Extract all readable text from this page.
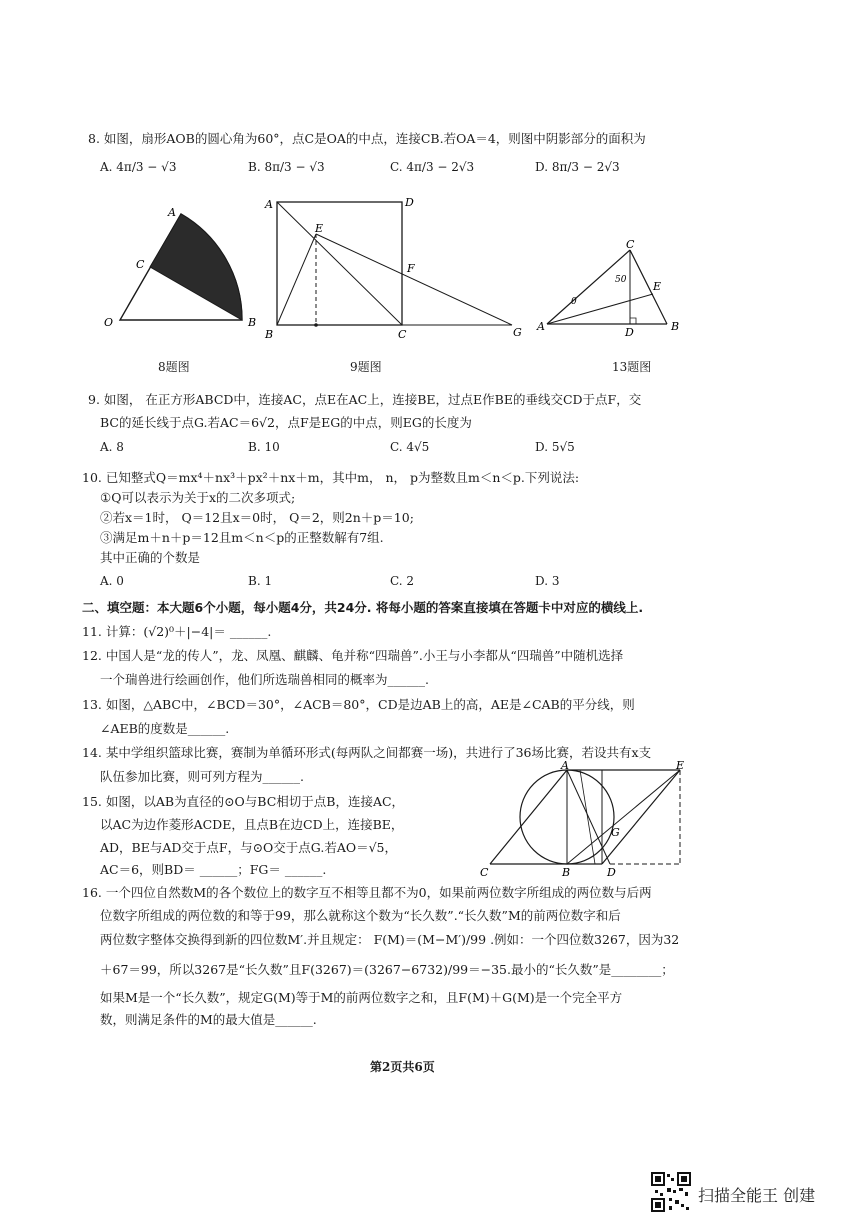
8. 如图，扇形AOB的圆心角为60°，点C是OA的中点，连接CB.若OA＝4，则图中阴影部分的面积为
A. 4π/3 − √3	B. 8π/3 − √3	C. 4π/3 − 2√3	D. 8π/3 − 2√3
O	B
A
C
8题图
A	D
E
F
B	C	G
9题图
C
A	B
D
E
50
0
13题图
9. 如图， 在正方形ABCD中，连接AC，点E在AC上，连接BE，过点E作BE的垂线交CD于点F，交
BC的延长线于点G.若AC＝6√2，点F是EG的中点，则EG的长度为
A. 8	B. 10	C. 4√5	D. 5√5
10. 已知整式Q＝mx⁴＋nx³＋px²＋nx＋m，其中m， n， p为整数且m＜n＜p.下列说法:
①Q可以表示为关于x的二次多项式;
②若x＝1时， Q＝12且x＝0时， Q＝2，则2n＋p＝10;
③满足m＋n＋p＝12且m＜n＜p的正整数解有7组.
其中正确的个数是
A. 0	B. 1	C. 2	D. 3
二、填空题：本大题6个小题，每小题4分，共24分. 将每小题的答案直接填在答题卡中对应的横线上.
11. 计算：(√2)⁰＋|−4|＝ ______.
12. 中国人是“龙的传人”，龙、凤凰、麒麟、龟并称“四瑞兽”.小王与小李都从“四瑞兽”中随机选择
一个瑞兽进行绘画创作，他们所选瑞兽相同的概率为______.
13. 如图，△ABC中，∠BCD＝30°，∠ACB＝80°，CD是边AB上的高，AE是∠CAB的平分线，则
∠AEB的度数是______.
14. 某中学组织篮球比赛，赛制为单循环形式(每两队之间都赛一场)，共进行了36场比赛，若设共有x支
队伍参加比赛，则可列方程为______.
15. 如图，以AB为直径的⊙O与BC相切于点B，连接AC，
以AC为边作菱形ACDE，且点B在边CD上，连接BE，
AD，BE与AD交于点F，与⊙O交于点G.若AO＝√5，
AC＝6，则BD＝ ______；FG＝ ______.
A	E
G
C	B	D
16. 一个四位自然数M的各个数位上的数字互不相等且都不为0，如果前两位数字所组成的两位数与后两
位数字所组成的两位数的和等于99，那么就称这个数为“长久数”.“长久数”M的前两位数字和后
两位数字整体交换得到新的四位数M′.并且规定： F(M)＝(M−M′)/99 .例如：一个四位数3267，因为32
＋67＝99，所以3267是“长久数”且F(3267)＝(3267−6732)/99＝−35.最小的“长久数”是________；
如果M是一个“长久数”，规定G(M)等于M的前两位数字之和，且F(M)＋G(M)是一个完全平方
数，则满足条件的M的最大值是______.
第2页共6页
扫描全能王 创建
